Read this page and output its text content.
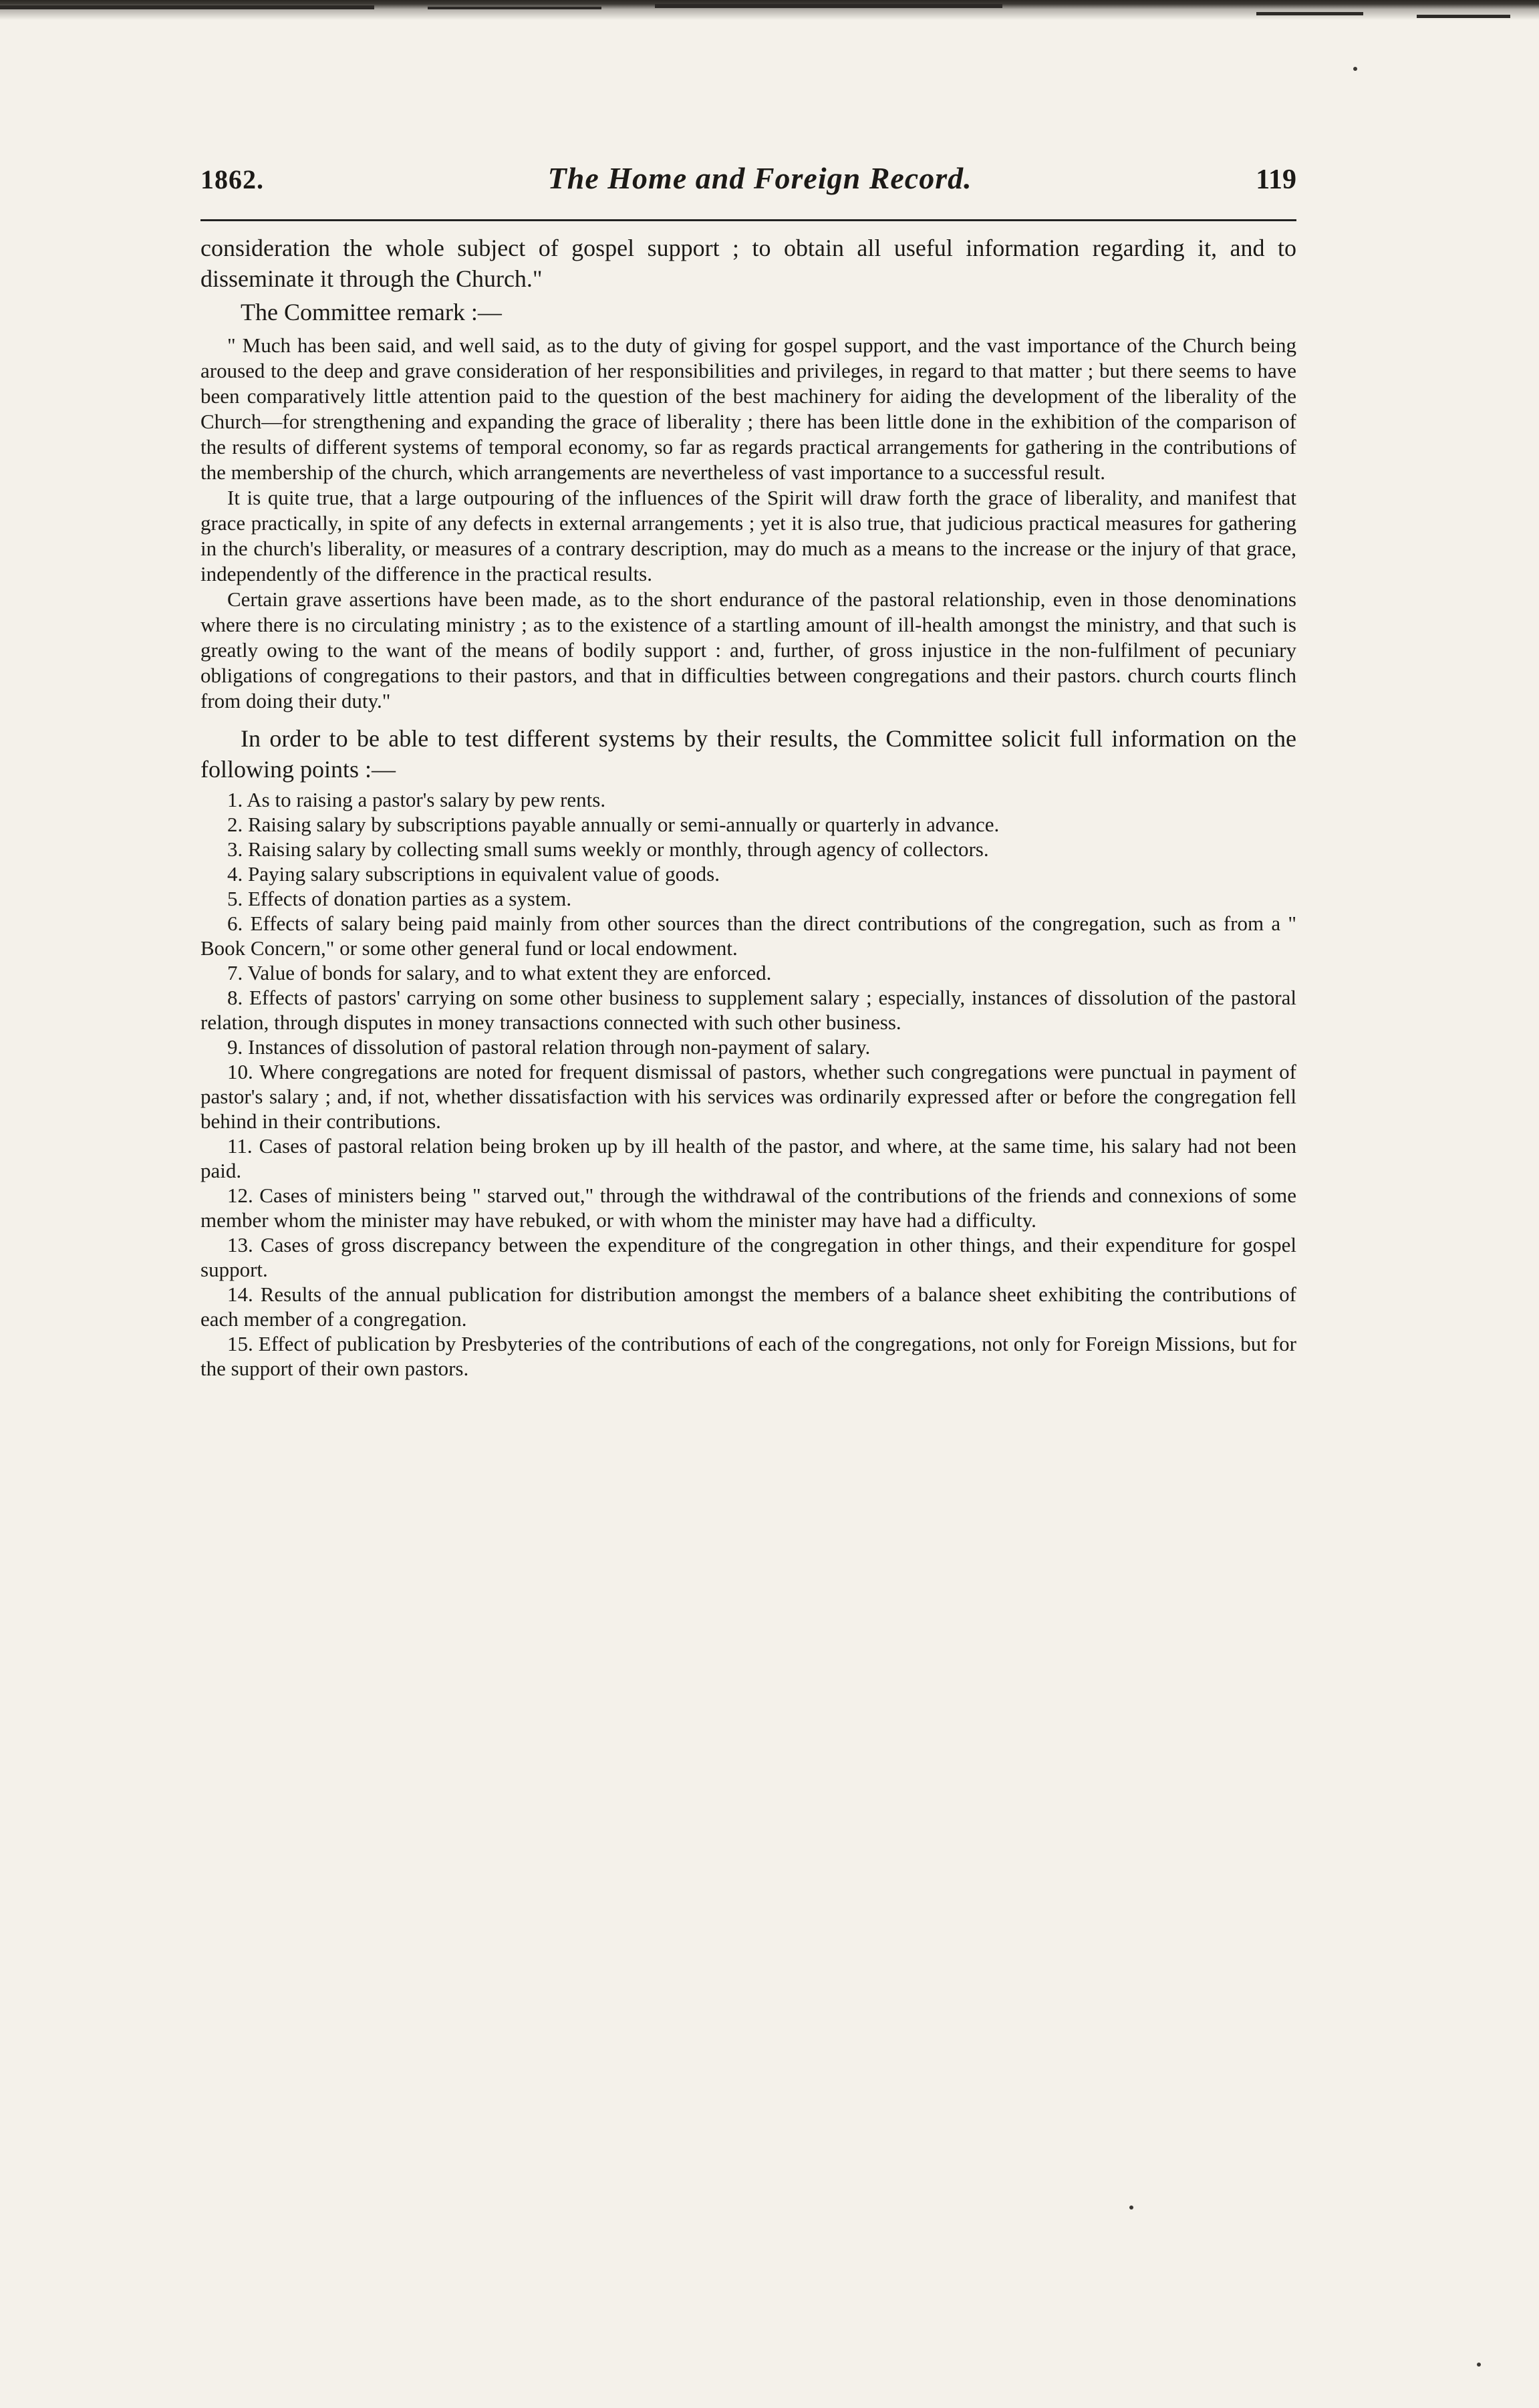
1862.	The Home and Foreign Record.	119

consideration the whole subject of gospel support ; to obtain all useful information regarding it, and to disseminate it through the Church."

The Committee remark :—

" Much has been said, and well said, as to the duty of giving for gospel support, and the vast importance of the Church being aroused to the deep and grave consideration of her responsibilities and privileges, in regard to that matter ; but there seems to have been comparatively little attention paid to the question of the best machinery for aiding the development of the liberality of the Church—for strengthening and expanding the grace of liberality ; there has been little done in the exhibition of the comparison of the results of different systems of temporal economy, so far as regards practical arrangements for gathering in the contributions of the membership of the church, which arrangements are nevertheless of vast importance to a successful result.

It is quite true, that a large outpouring of the influences of the Spirit will draw forth the grace of liberality, and manifest that grace practically, in spite of any defects in external arrangements ; yet it is also true, that judicious practical measures for gathering in the church's liberality, or measures of a contrary description, may do much as a means to the increase or the injury of that grace, independently of the difference in the practical results.

Certain grave assertions have been made, as to the short endurance of the pastoral relationship, even in those denominations where there is no circulating ministry ; as to the existence of a startling amount of ill-health amongst the ministry, and that such is greatly owing to the want of the means of bodily support : and, further, of gross injustice in the non-fulfilment of pecuniary obligations of congregations to their pastors, and that in difficulties between congregations and their pastors. church courts flinch from doing their duty."

In order to be able to test different systems by their results, the Committee solicit full information on the following points :—

1. As to raising a pastor's salary by pew rents.

2. Raising salary by subscriptions payable annually or semi-annually or quarterly in advance.

3. Raising salary by collecting small sums weekly or monthly, through agency of collectors.

4. Paying salary subscriptions in equivalent value of goods.

5. Effects of donation parties as a system.

6. Effects of salary being paid mainly from other sources than the direct contributions of the congregation, such as from a " Book Concern," or some other general fund or local endowment.

7. Value of bonds for salary, and to what extent they are enforced.

8. Effects of pastors' carrying on some other business to supplement salary ; especially, instances of dissolution of the pastoral relation, through disputes in money transactions connected with such other business.

9. Instances of dissolution of pastoral relation through non-payment of salary.

10. Where congregations are noted for frequent dismissal of pastors, whether such congregations were punctual in payment of pastor's salary ; and, if not, whether dissatisfaction with his services was ordinarily expressed after or before the congregation fell behind in their contributions.

11. Cases of pastoral relation being broken up by ill health of the pastor, and where, at the same time, his salary had not been paid.

12. Cases of ministers being " starved out," through the withdrawal of the contributions of the friends and connexions of some member whom the minister may have rebuked, or with whom the minister may have had a difficulty.

13. Cases of gross discrepancy between the expenditure of the congregation in other things, and their expenditure for gospel support.

14. Results of the annual publication for distribution amongst the members of a balance sheet exhibiting the contributions of each member of a congregation.

15. Effect of publication by Presbyteries of the contributions of each of the congregations, not only for Foreign Missions, but for the support of their own pastors.
